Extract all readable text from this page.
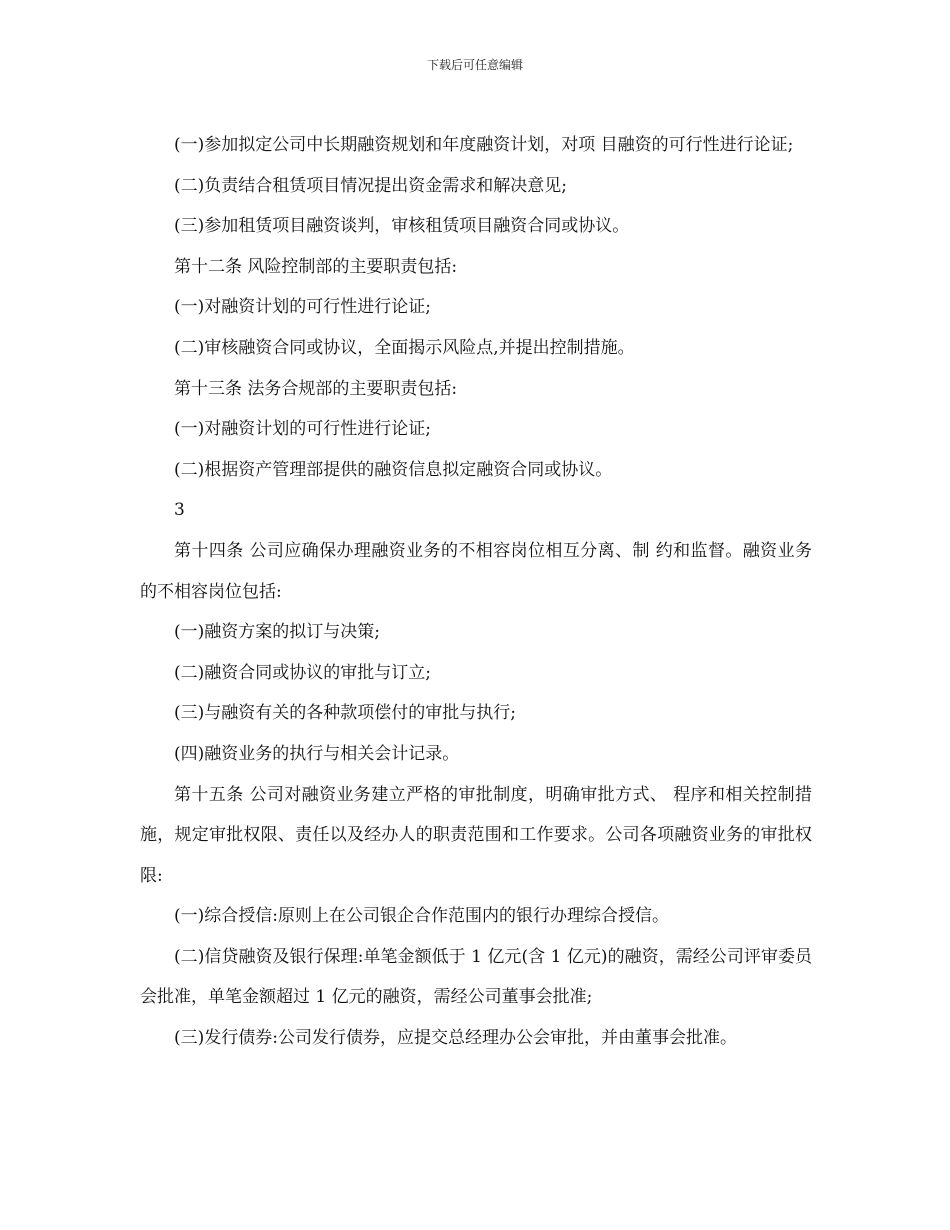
下载后可任意编辑

(一)参加拟定公司中长期融资规划和年度融资计划，对项 目融资的可行性进行论证;

(二)负责结合租赁项目情况提出资金需求和解决意见;

(三)参加租赁项目融资谈判，审核租赁项目融资合同或协议。

第十二条 风险控制部的主要职责包括:

(一)对融资计划的可行性进行论证;

(二)审核融资合同或协议，全面揭示风险点,并提出控制措施。

第十三条 法务合规部的主要职责包括:

(一)对融资计划的可行性进行论证;

(二)根据资产管理部提供的融资信息拟定融资合同或协议。

3

第十四条 公司应确保办理融资业务的不相容岗位相互分离、制 约和监督。融资业务的不相容岗位包括:

(一)融资方案的拟订与决策;

(二)融资合同或协议的审批与订立;

(三)与融资有关的各种款项偿付的审批与执行;

(四)融资业务的执行与相关会计记录。

第十五条 公司对融资业务建立严格的审批制度，明确审批方式、 程序和相关控制措施，规定审批权限、责任以及经办人的职责范围和工作要求。公司各项融资业务的审批权限:

(一)综合授信:原则上在公司银企合作范围内的银行办理综合授信。

(二)信贷融资及银行保理:单笔金额低于 1 亿元(含 1 亿元)的融资，需经公司评审委员会批准，单笔金额超过 1 亿元的融资，需经公司董事会批准;

(三)发行债券:公司发行债券，应提交总经理办公会审批，并由董事会批准。
